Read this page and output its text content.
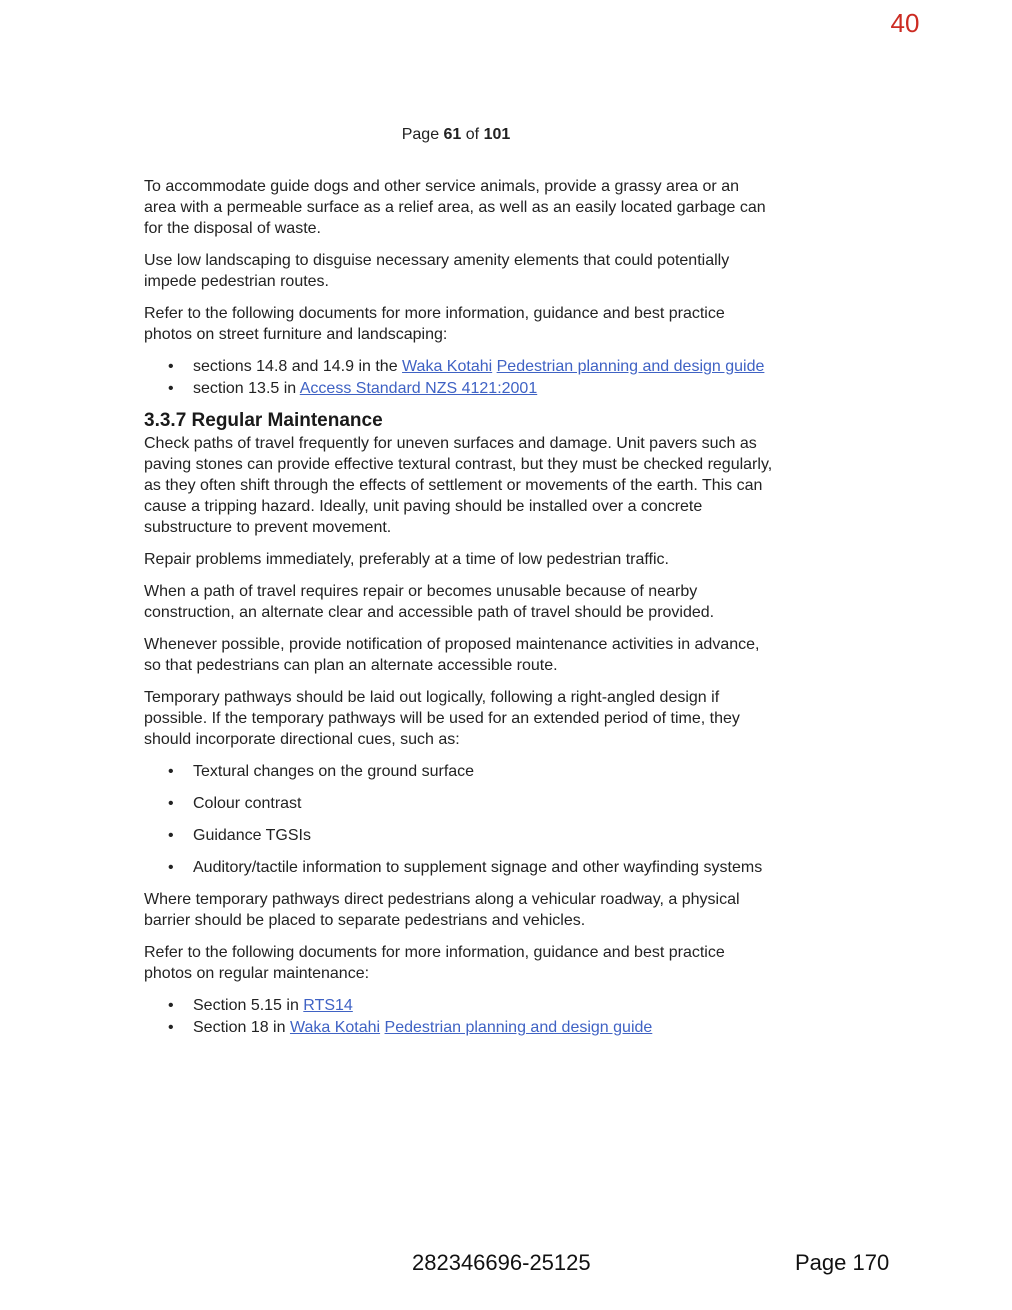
40
Page 61 of 101

To accommodate guide dogs and other service animals, provide a grassy area or an area with a permeable surface as a relief area, as well as an easily located garbage can for the disposal of waste.

Use low landscaping to disguise necessary amenity elements that could potentially impede pedestrian routes.

Refer to the following documents for more information, guidance and best practice photos on street furniture and landscaping:

• sections 14.8 and 14.9 in the Waka Kotahi Pedestrian planning and design guide
• section 13.5 in Access Standard NZS 4121:2001
3.3.7 Regular Maintenance

Check paths of travel frequently for uneven surfaces and damage. Unit pavers such as paving stones can provide effective textural contrast, but they must be checked regularly, as they often shift through the effects of settlement or movements of the earth. This can cause a tripping hazard. Ideally, unit paving should be installed over a concrete substructure to prevent movement.

Repair problems immediately, preferably at a time of low pedestrian traffic.

When a path of travel requires repair or becomes unusable because of nearby construction, an alternate clear and accessible path of travel should be provided.

Whenever possible, provide notification of proposed maintenance activities in advance, so that pedestrians can plan an alternate accessible route.

Temporary pathways should be laid out logically, following a right-angled design if possible. If the temporary pathways will be used for an extended period of time, they should incorporate directional cues, such as:

• Textural changes on the ground surface
• Colour contrast
• Guidance TGSIs
• Auditory/tactile information to supplement signage and other wayfinding systems

Where temporary pathways direct pedestrians along a vehicular roadway, a physical barrier should be placed to separate pedestrians and vehicles.

Refer to the following documents for more information, guidance and best practice photos on regular maintenance:

• Section 5.15 in RTS14
• Section 18 in Waka Kotahi Pedestrian planning and design guide
282346696-25125	Page 170
